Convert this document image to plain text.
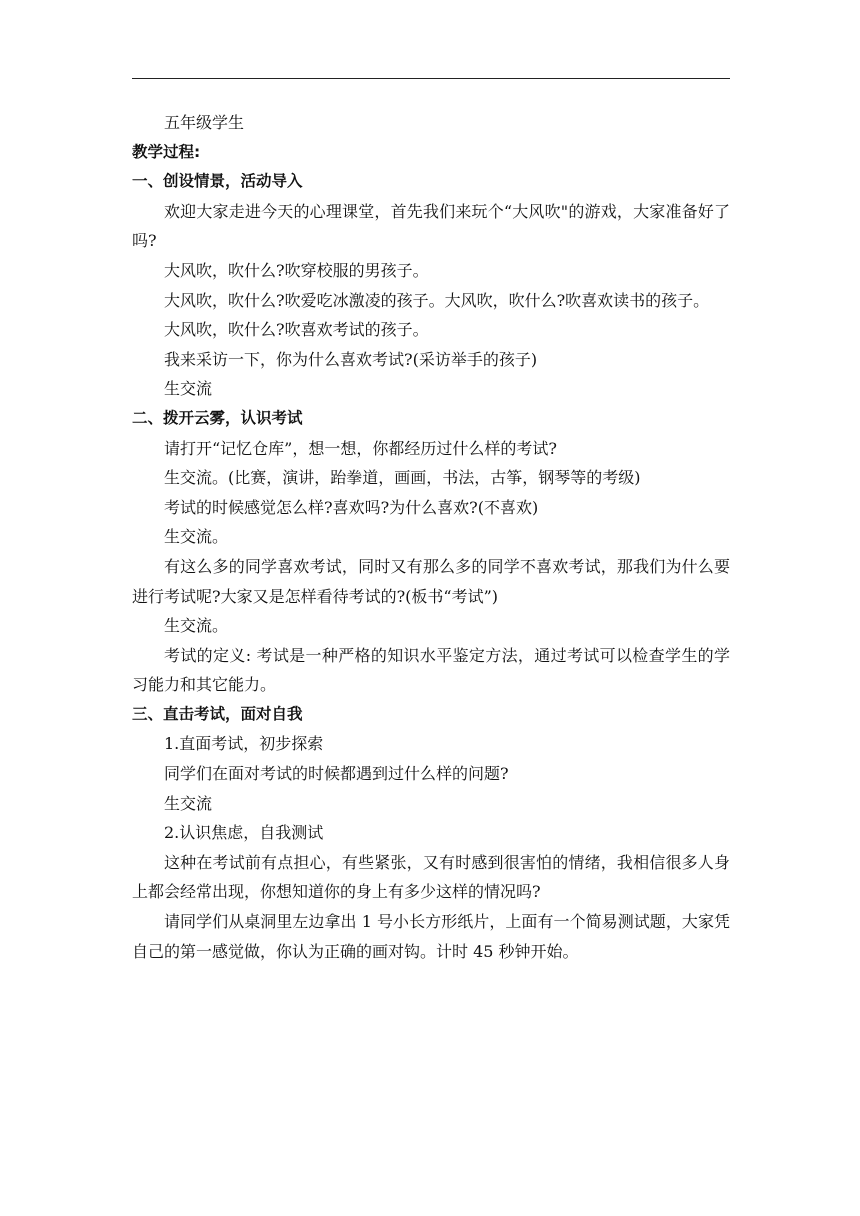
五年级学生

教学过程:

一、创设情景，活动导入

欢迎大家走进今天的心理课堂，首先我们来玩个“大风吹"的游戏，大家准备好了吗?

大风吹，吹什么?吹穿校服的男孩子。

大风吹，吹什么?吹爱吃冰激凌的孩子。大风吹，吹什么?吹喜欢读书的孩子。

大风吹，吹什么?吹喜欢考试的孩子。

我来采访一下，你为什么喜欢考试?(采访举手的孩子)

生交流

二、拨开云雾，认识考试

请打开“记忆仓库”，想一想，你都经历过什么样的考试?

生交流。(比赛，演讲，跆拳道，画画，书法，古筝，钢琴等的考级)

考试的时候感觉怎么样?喜欢吗?为什么喜欢?(不喜欢)

生交流。

有这么多的同学喜欢考试，同时又有那么多的同学不喜欢考试，那我们为什么要进行考试呢?大家又是怎样看待考试的?(板书“考试”)

生交流。

考试的定义: 考试是一种严格的知识水平鉴定方法，通过考试可以检查学生的学习能力和其它能力。

三、直击考试，面对自我

1.直面考试，初步探索

同学们在面对考试的时候都遇到过什么样的问题?

生交流

2.认识焦虑，自我测试

这种在考试前有点担心，有些紧张，又有时感到很害怕的情绪，我相信很多人身上都会经常出现，你想知道你的身上有多少这样的情况吗?

请同学们从桌洞里左边拿出 1 号小长方形纸片，上面有一个简易测试题，大家凭自己的第一感觉做，你认为正确的画对钩。计时 45 秒钟开始。
